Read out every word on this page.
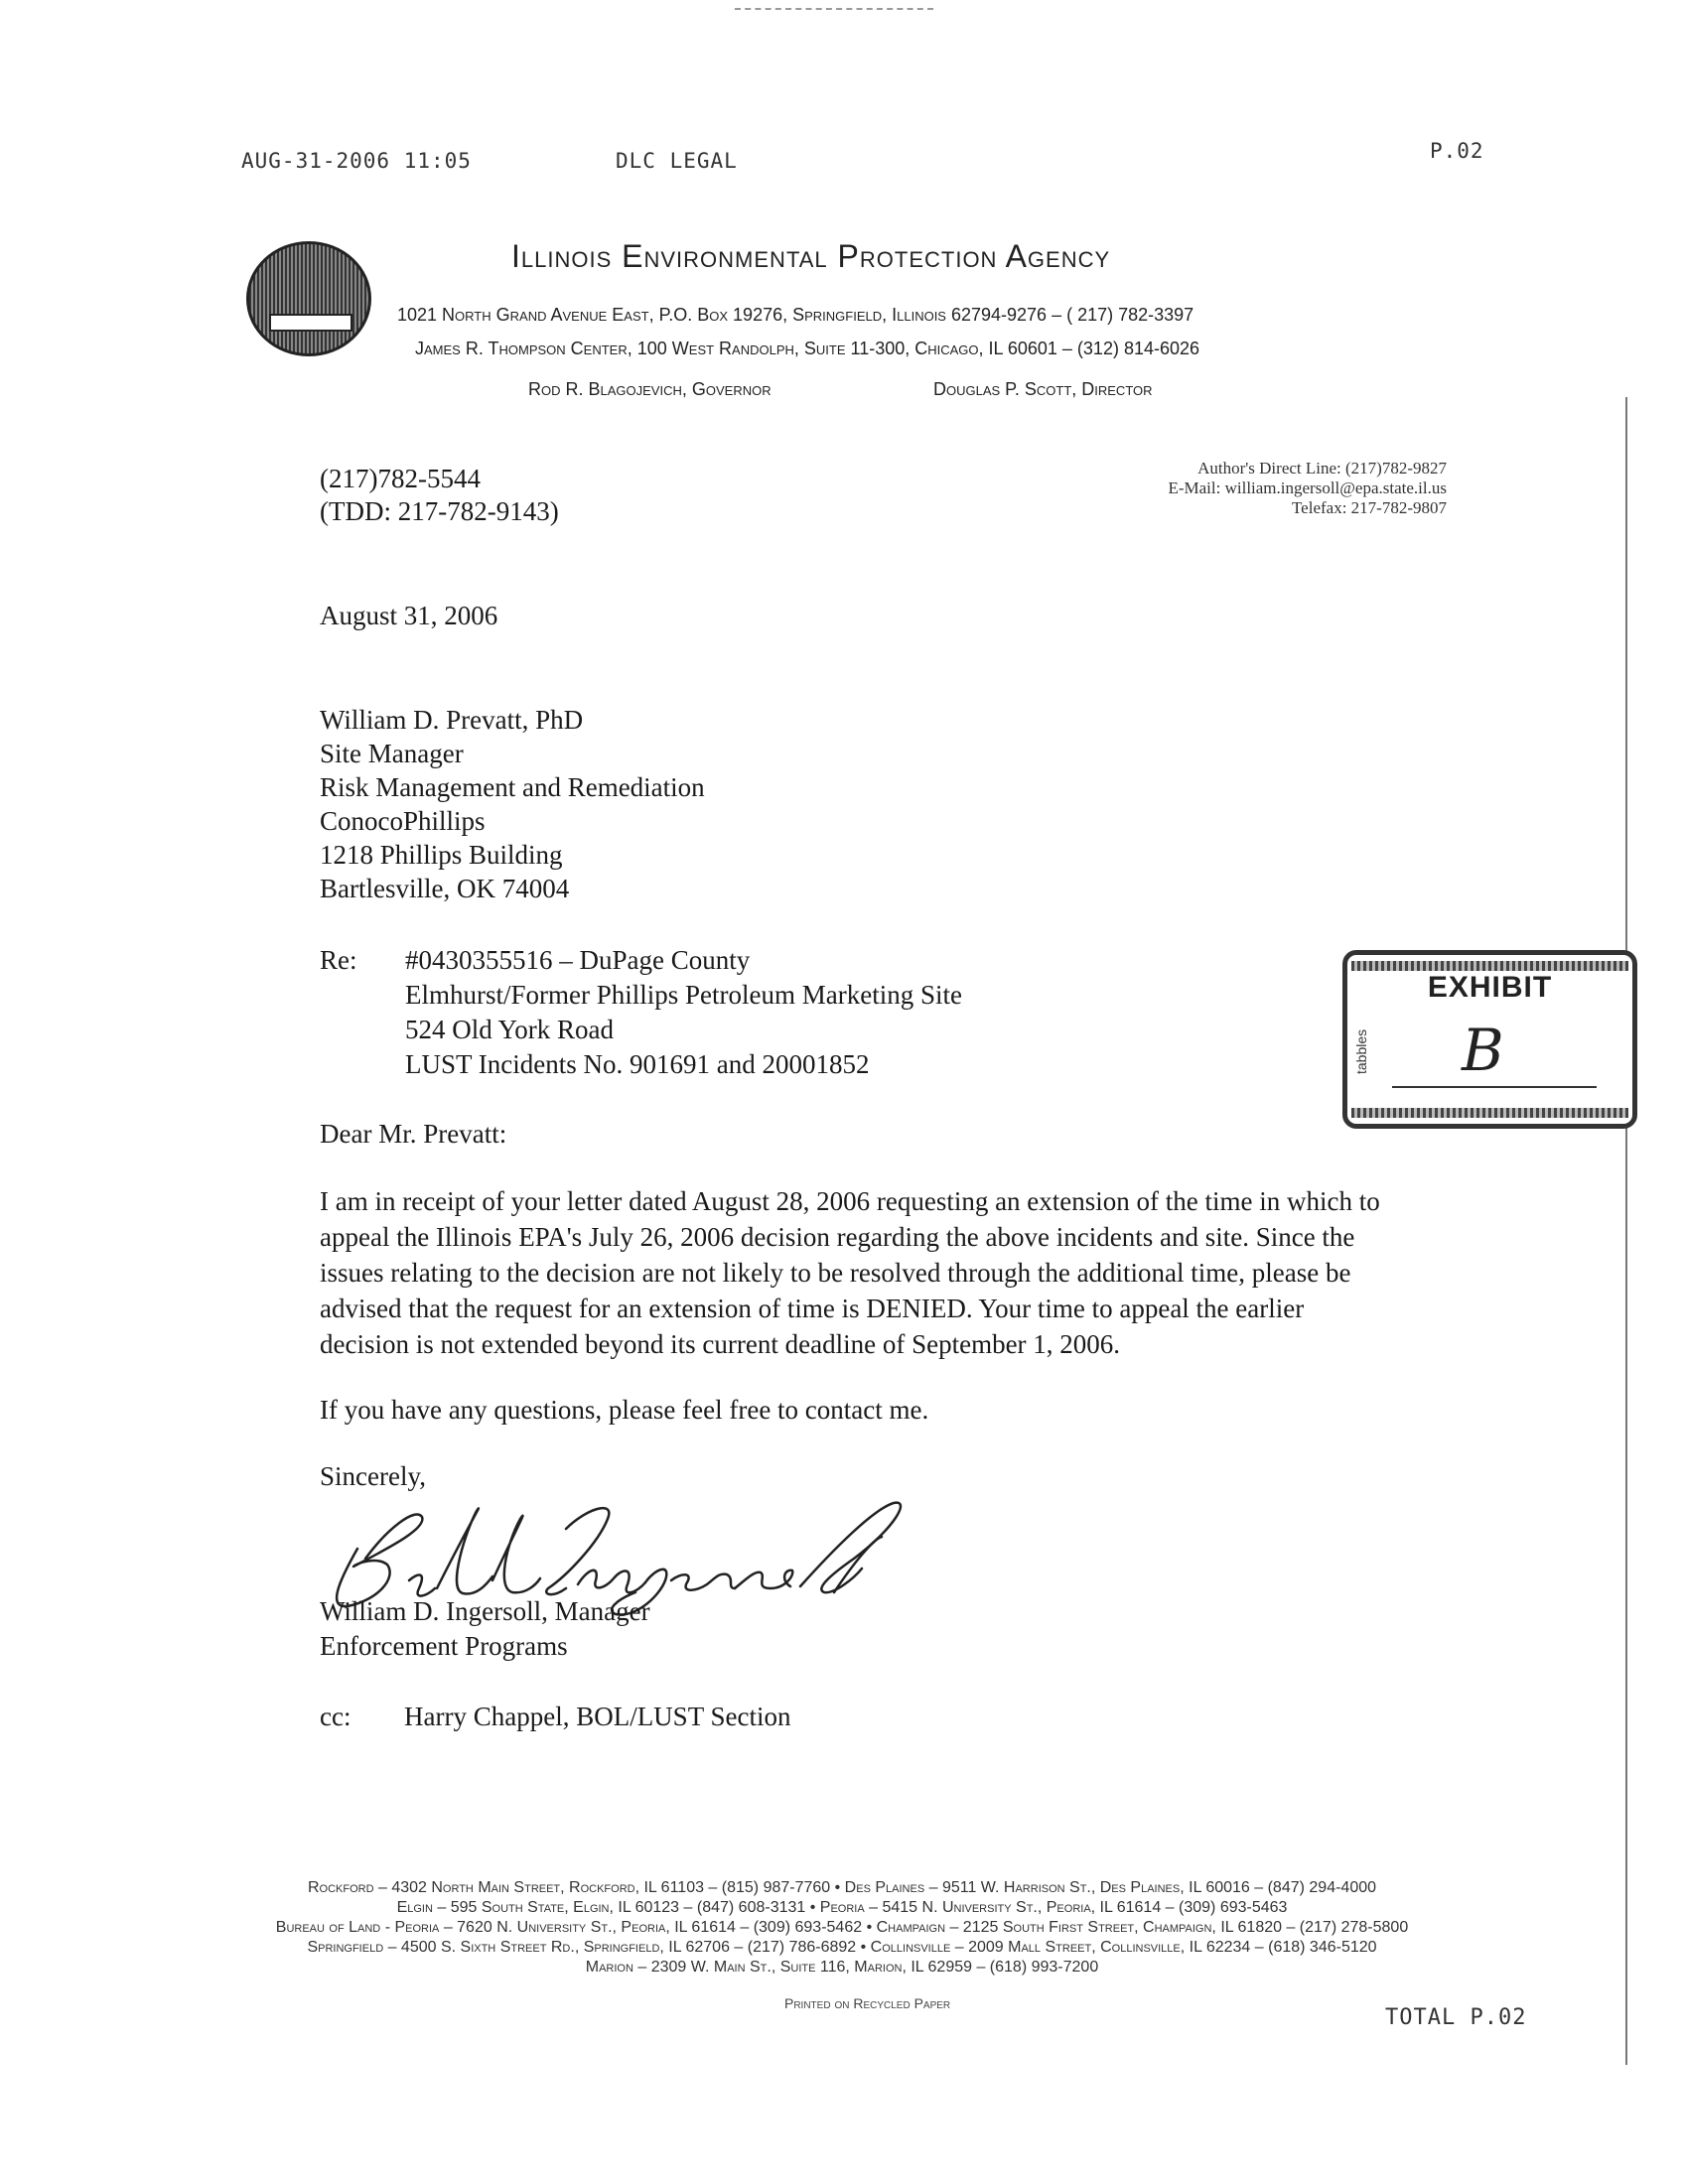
AUG-31-2006 11:05	DLC LEGAL	P.02
Illinois Environmental Protection Agency
1021 North Grand Avenue East, P.O. Box 19276, Springfield, Illinois 62794-9276 – ( 217) 782-3397
James R. Thompson Center, 100 West Randolph, Suite 11-300, Chicago, IL 60601 – (312) 814-6026
Rod R. Blagojevich, Governor	Douglas P. Scott, Director
(217)782-5544
(TDD: 217-782-9143)
Author's Direct Line: (217)782-9827
E-Mail: william.ingersoll@epa.state.il.us
Telefax: 217-782-9807
August 31, 2006
William D. Prevatt, PhD
Site Manager
Risk Management and Remediation
ConocoPhillips
1218 Phillips Building
Bartlesville, OK 74004
Re: #0430355516 – DuPage County
Elmhurst/Former Phillips Petroleum Marketing Site
524 Old York Road
LUST Incidents No. 901691 and 20001852
EXHIBIT
tabbles B
Dear Mr. Prevatt:
I am in receipt of your letter dated August 28, 2006 requesting an extension of the time in which to
appeal the Illinois EPA's July 26, 2006 decision regarding the above incidents and site. Since the
issues relating to the decision are not likely to be resolved through the additional time, please be
advised that the request for an extension of time is DENIED. Your time to appeal the earlier
decision is not extended beyond its current deadline of September 1, 2006.
If you have any questions, please feel free to contact me.
Sincerely,
William D. Ingersoll, Manager
Enforcement Programs
cc: Harry Chappel, BOL/LUST Section
Rockford – 4302 North Main Street, Rockford, IL 61103 – (815) 987-7760 • Des Plaines – 9511 W. Harrison St., Des Plaines, IL 60016 – (847) 294-4000
Elgin – 595 South State, Elgin, IL 60123 – (847) 608-3131 • Peoria – 5415 N. University St., Peoria, IL 61614 – (309) 693-5463
Bureau of Land - Peoria – 7620 N. University St., Peoria, IL 61614 – (309) 693-5462 • Champaign – 2125 South First Street, Champaign, IL 61820 – (217) 278-5800
Springfield – 4500 S. Sixth Street Rd., Springfield, IL 62706 – (217) 786-6892 • Collinsville – 2009 Mall Street, Collinsville, IL 62234 – (618) 346-5120
Marion – 2309 W. Main St., Suite 116, Marion, IL 62959 – (618) 993-7200
Printed on Recycled Paper
TOTAL P.02
